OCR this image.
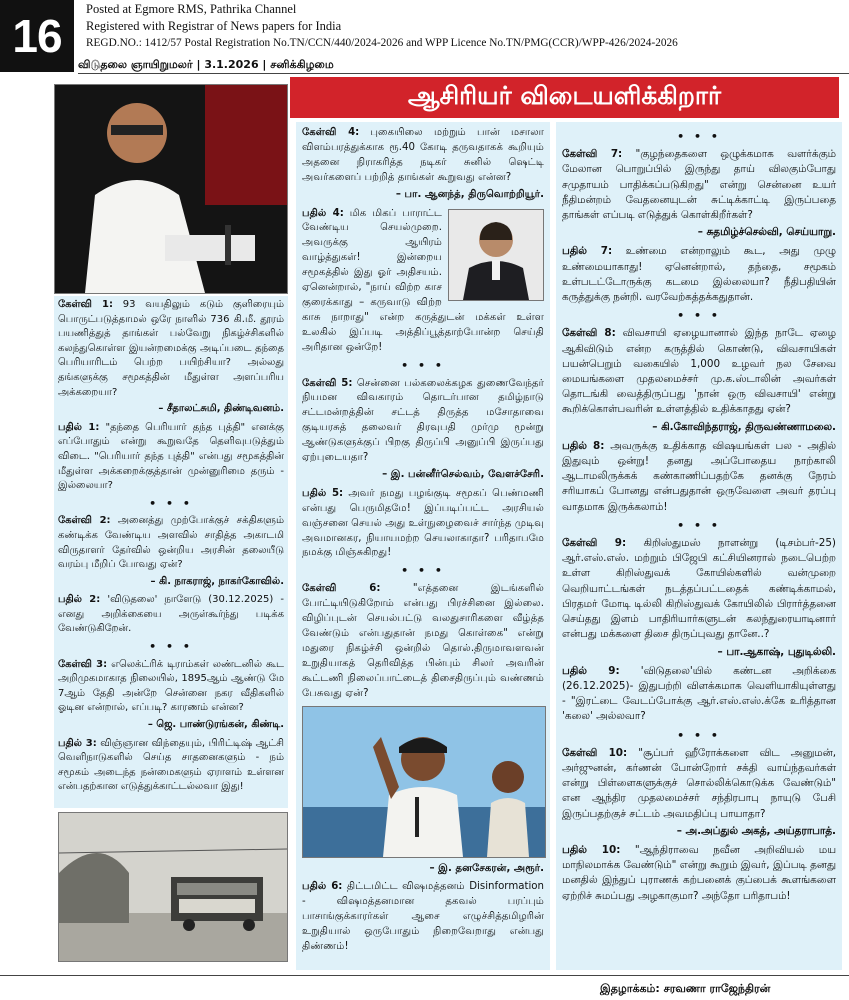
16
Posted at Egmore RMS, Pathrika Channel
Registered with Registrar of News papers for India
REGD.NO.: 1412/57 Postal Registration No.TN/CCN/440/2024-2026 and WPP Licence No.TN/PMG(CCR)/WPP-426/2024-2026
விடுதலை ஞாயிறுமலர் | 3.1.2026 | சனிக்கிழமை
ஆசிரியர் விடையளிக்கிறார்

கேள்வி 1: 93 வயதிலும் கடும் குளிரையும் பொருட்படுத்தாமல் ஒரே நாளில் 736 கி.மீ. தூரம் பயணித்துத் தாங்கள் பல்வேறு நிகழ்ச்சிகளில் கலந்துகொள்ள இயன்றமைக்கு அடிப்படை தந்தை பெரியாரிடம் பெற்ற பயிற்சியா? அல்லது தங்களுக்கு சமூகத்தின் மீதுள்ள அளப்பரிய அக்கறையா?

– சீதாலட்சுமி, திண்டிவனம்.

பதில் 1: "தந்தை பெரியார் தந்த புத்தி" எனக்கு எப்போதும் என்று கூறுவதே தெளிவுபடுத்தும் விடை. "பெரியார் தந்த புத்தி" என்பது சமூகத்தின் மீதுள்ள அக்கறைக்குத்தான் முன்னுரிமை தரும் - இல்லையா?

• • •

கேள்வி 2: அனைத்து முற்போக்குச் சக்திகளும் கண்டிக்க வேண்டிய அளவில் சாதித்த அகாடமி விருதாளர் தேர்வில் ஒன்றிய அரசின் தலையீடு வரம்பு மீறிப் போவது ஏன்?

– கி. நாகராஜ், நாகர்கோவில்.

பதில் 2: 'விடுதலை' நாளேடு (30.12.2025) - எனது அறிக்கையை அருள்கூர்ந்து படிக்க வேண்டுகிறேன்.

• • •

கேள்வி 3: எலெக்ட்ரிக் டிராம்கள் லண்டனில் கூட அறிமுகமாகாத நிலையில், 1895ஆம் ஆண்டு மே 7ஆம் தேதி அன்றே சென்னை நகர வீதிகளில் ஓடின என்றால், எப்படி? காரணம் என்ன?

– ஜெ. பாண்டுரங்கன், கிண்டி.

பதில் 3: விஞ்ஞான விந்தையும், பிரிட்டிஷ் ஆட்சி வெளிநாடுகளில் செய்த சாதனைகளும் - நம் சமூகம் அடைந்த நன்மைகளும் ஏராளம் உள்ளன என்பதற்கான எடுத்துக்காட்டல்லவா இது!

கேள்வி 4: புகையிலை மற்றும் பான் மசாலா விளம்பரத்துக்காக ரூ.40 கோடி தருவதாகக் கூறியும் அதனை நிராகரித்த நடிகர் சுனில் ஷெட்டி அவர்களைப் பற்றித் தாங்கள் கூறுவது என்ன?

– பா. ஆனந்த், திருவொற்றியூர்.

பதில் 4: மிக மிகப் பாராட்ட வேண்டிய செயல்முறை. அவருக்கு ஆயிரம் வாழ்த்துகள்! இன்றைய சமூகத்தில் இது ஓர் அதிசயம். ஏனென்றால், "நாய் விற்ற காச குரைக்காது – கருவாடு விற்ற காசு நாறாது" என்ற கருத்துடன் மக்கள் உள்ள உலகில் இப்படி அத்திப்பூத்தாற்போன்ற செய்தி அரிதான ஒன்றே!

• • •

கேள்வி 5: சென்னை பல்கலைக்கழக துணைவேந்தர் நியமன விவகாரம் தொடர்பான தமிழ்நாடு சட்டமன்றத்தின் சட்டத் திருத்த மசோதாவை குடியரசுத் தலைவர் திரவுபதி முர்மு மூன்று ஆண்டுகளுக்குப் பிறகு திருப்பி அனுப்பி இருப்பது ஏற்புடையதா?

– இ. பன்னீர்செல்வம், வேளச்சேரி.

பதில் 5: அவர் நமது பழங்குடி சமூகப் பெண்மணி என்பது பெருமிதமே! இப்படிப்பட்ட அரசியல் வஞ்சனை செயல் அது உள்நுழைவைச் சார்ந்த முடிவு அவமானகர, நியாயமற்ற செயலாகாதா? பரிதாபமே நமக்கு மிஞ்சுகிறது!

• • •

கேள்வி 6: "எத்தனை இடங்களில் போட்டியிடுகிறோம் என்பது பிரச்சினை இல்லை. விழிப்புடன் செயல்பட்டு வலதுசாரிகளை வீழ்த்த வேண்டும் என்பதுதான் நமது கொள்கை" என்று மதுரை நிகழ்ச்சி ஒன்றில் தொல்.திருமாவளவன் உறுதியாகத் தெரிவித்த பின்பும் சிலர் அவரின் கூட்டணி நிலைப்பாட்டைத் திசைதிருப்பும் வண்ணம் பேசுவது ஏன்?

– இ. தனசேகரன், அரூர்.

பதில் 6: திட்டமிட்ட விஷமத்தனம் Disinformation - விஷமத்தனமான தகவல் பரப்பும் பாசாங்குக்காரர்கள் ஆசை எழுச்சித்தமிழரின் உறுதியால் ஒருபோதும் நிறைவேறாது என்பது திண்ணம்!

• • •

கேள்வி 7: "குழந்தைகளை ஒழுக்கமாக வளர்க்கும் மேலான பொறுப்பில் இருந்து தாய் விலகும்போது சமுதாயம் பாதிக்கப்படுகிறது" என்று சென்னை உயர் நீதிமன்றம் வேதனையுடன் சுட்டிக்காட்டி இருப்பதை தாங்கள் எப்படி எடுத்துக் கொள்கிறீர்கள்?

– சுதமிழ்ச்செல்வி, செய்யாறு.

பதில் 7: உண்மை என்றாலும் கூட, அது முழு உண்மையாகாது! ஏனென்றால், தந்தை, சமூகம் உள்படட்டோருக்கு கடமை இல்லையா? நீதிபதியின் கருத்துக்கு நன்றி. வரவேற்கத்தக்கதுதான்.

• • •

கேள்வி 8: விவசாயி ஏழையானால் இந்த நாடே ஏழை ஆகிவிடும் என்ற கருத்தில் கொண்டு, விவசாயிகள் பயன்பெறும் வகையில் 1,000 உழவர் நல சேவை மையங்களை முதலமைச்சர் மு.க.ஸ்டாலின் அவர்கள் தொடங்கி வைத்திருப்பது 'நான் ஒரு விவசாயி' என்று கூறிக்கொள்பவரின் உள்ளத்தில் உதிக்காதது ஏன்?

– கி.கோவிந்தராஜ், திருவண்ணாமலை.

பதில் 8: அவருக்கு உதிக்காத விஷயங்கள் பல - அதில் இதுவும் ஒன்று! தனது அப்போதைய நாற்காலி ஆடாமலிருக்கக் கண்காணிப்பதற்கே தனக்கு நேரம் சரியாகப் போனது என்பதுதான் ஒருவேளை அவர் தரப்பு வாதமாக இருக்கலாம்!

• • •

கேள்வி 9: கிறிஸ்துமஸ் நாளன்று (டிசம்பர்-25) ஆர்.எஸ்.எஸ். மற்றும் பிஜேபி கட்சியினரால் நடைபெற்ற உள்ள கிறிஸ்துவக் கோயில்களில் வன்முறை வெறியாட்டங்கள் நடத்தப்பட்டதைக் கண்டிக்காமல், பிரதமர் மோடி டில்லி கிறிஸ்துவக் கோயிலில் பிரார்த்தனை செய்தது இளம் பாதிரியார்களுடன் கலந்துரையாடினார் என்பது மக்களை திசை திருப்புவது தானே..?

– பா.ஆகாஷ், புதுடில்லி.

பதில் 9: 'விடுதலை'யில் கண்டன அறிக்கை (26.12.2025)- இதுபற்றி விளக்கமாக வெளியாகியுள்ளது - "இரட்டை வேடப்போக்கு ஆர்.எஸ்.எஸ்.க்கே உரித்தான 'கலை' அல்லவா?

• • •

கேள்வி 10: "சூப்பர் ஹீரோக்களை விட அனுமன், அர்ஜுனன், கர்ணன் போன்றோர் சக்தி வாய்ந்தவர்கள் என்று பிள்ளைகளுக்குச் சொல்லிக்கொடுக்க வேண்டும்" என ஆந்திர முதலமைச்சர் சந்திரபாபு நாயுடு பேசி இருப்பதற்குச் சட்டம் அவமதிப்பு பாயாதா?

– அ.அப்துல் அகத், அய்தராபாத்.

பதில் 10: "ஆந்திராவை நவீன அறிவியல் மய மாநிலமாக்க வேண்டும்" என்று கூறும் இவர், இப்படி தனது மனதில் இந்துப் புராணக் கற்பனைக் குப்பைக் கூளங்களை ஏற்றிச் சுமப்பது அழகாகுமா? அந்தோ பரிதாபம்!

இதழாக்கம்: சரவணா ராஜேந்திரன்
